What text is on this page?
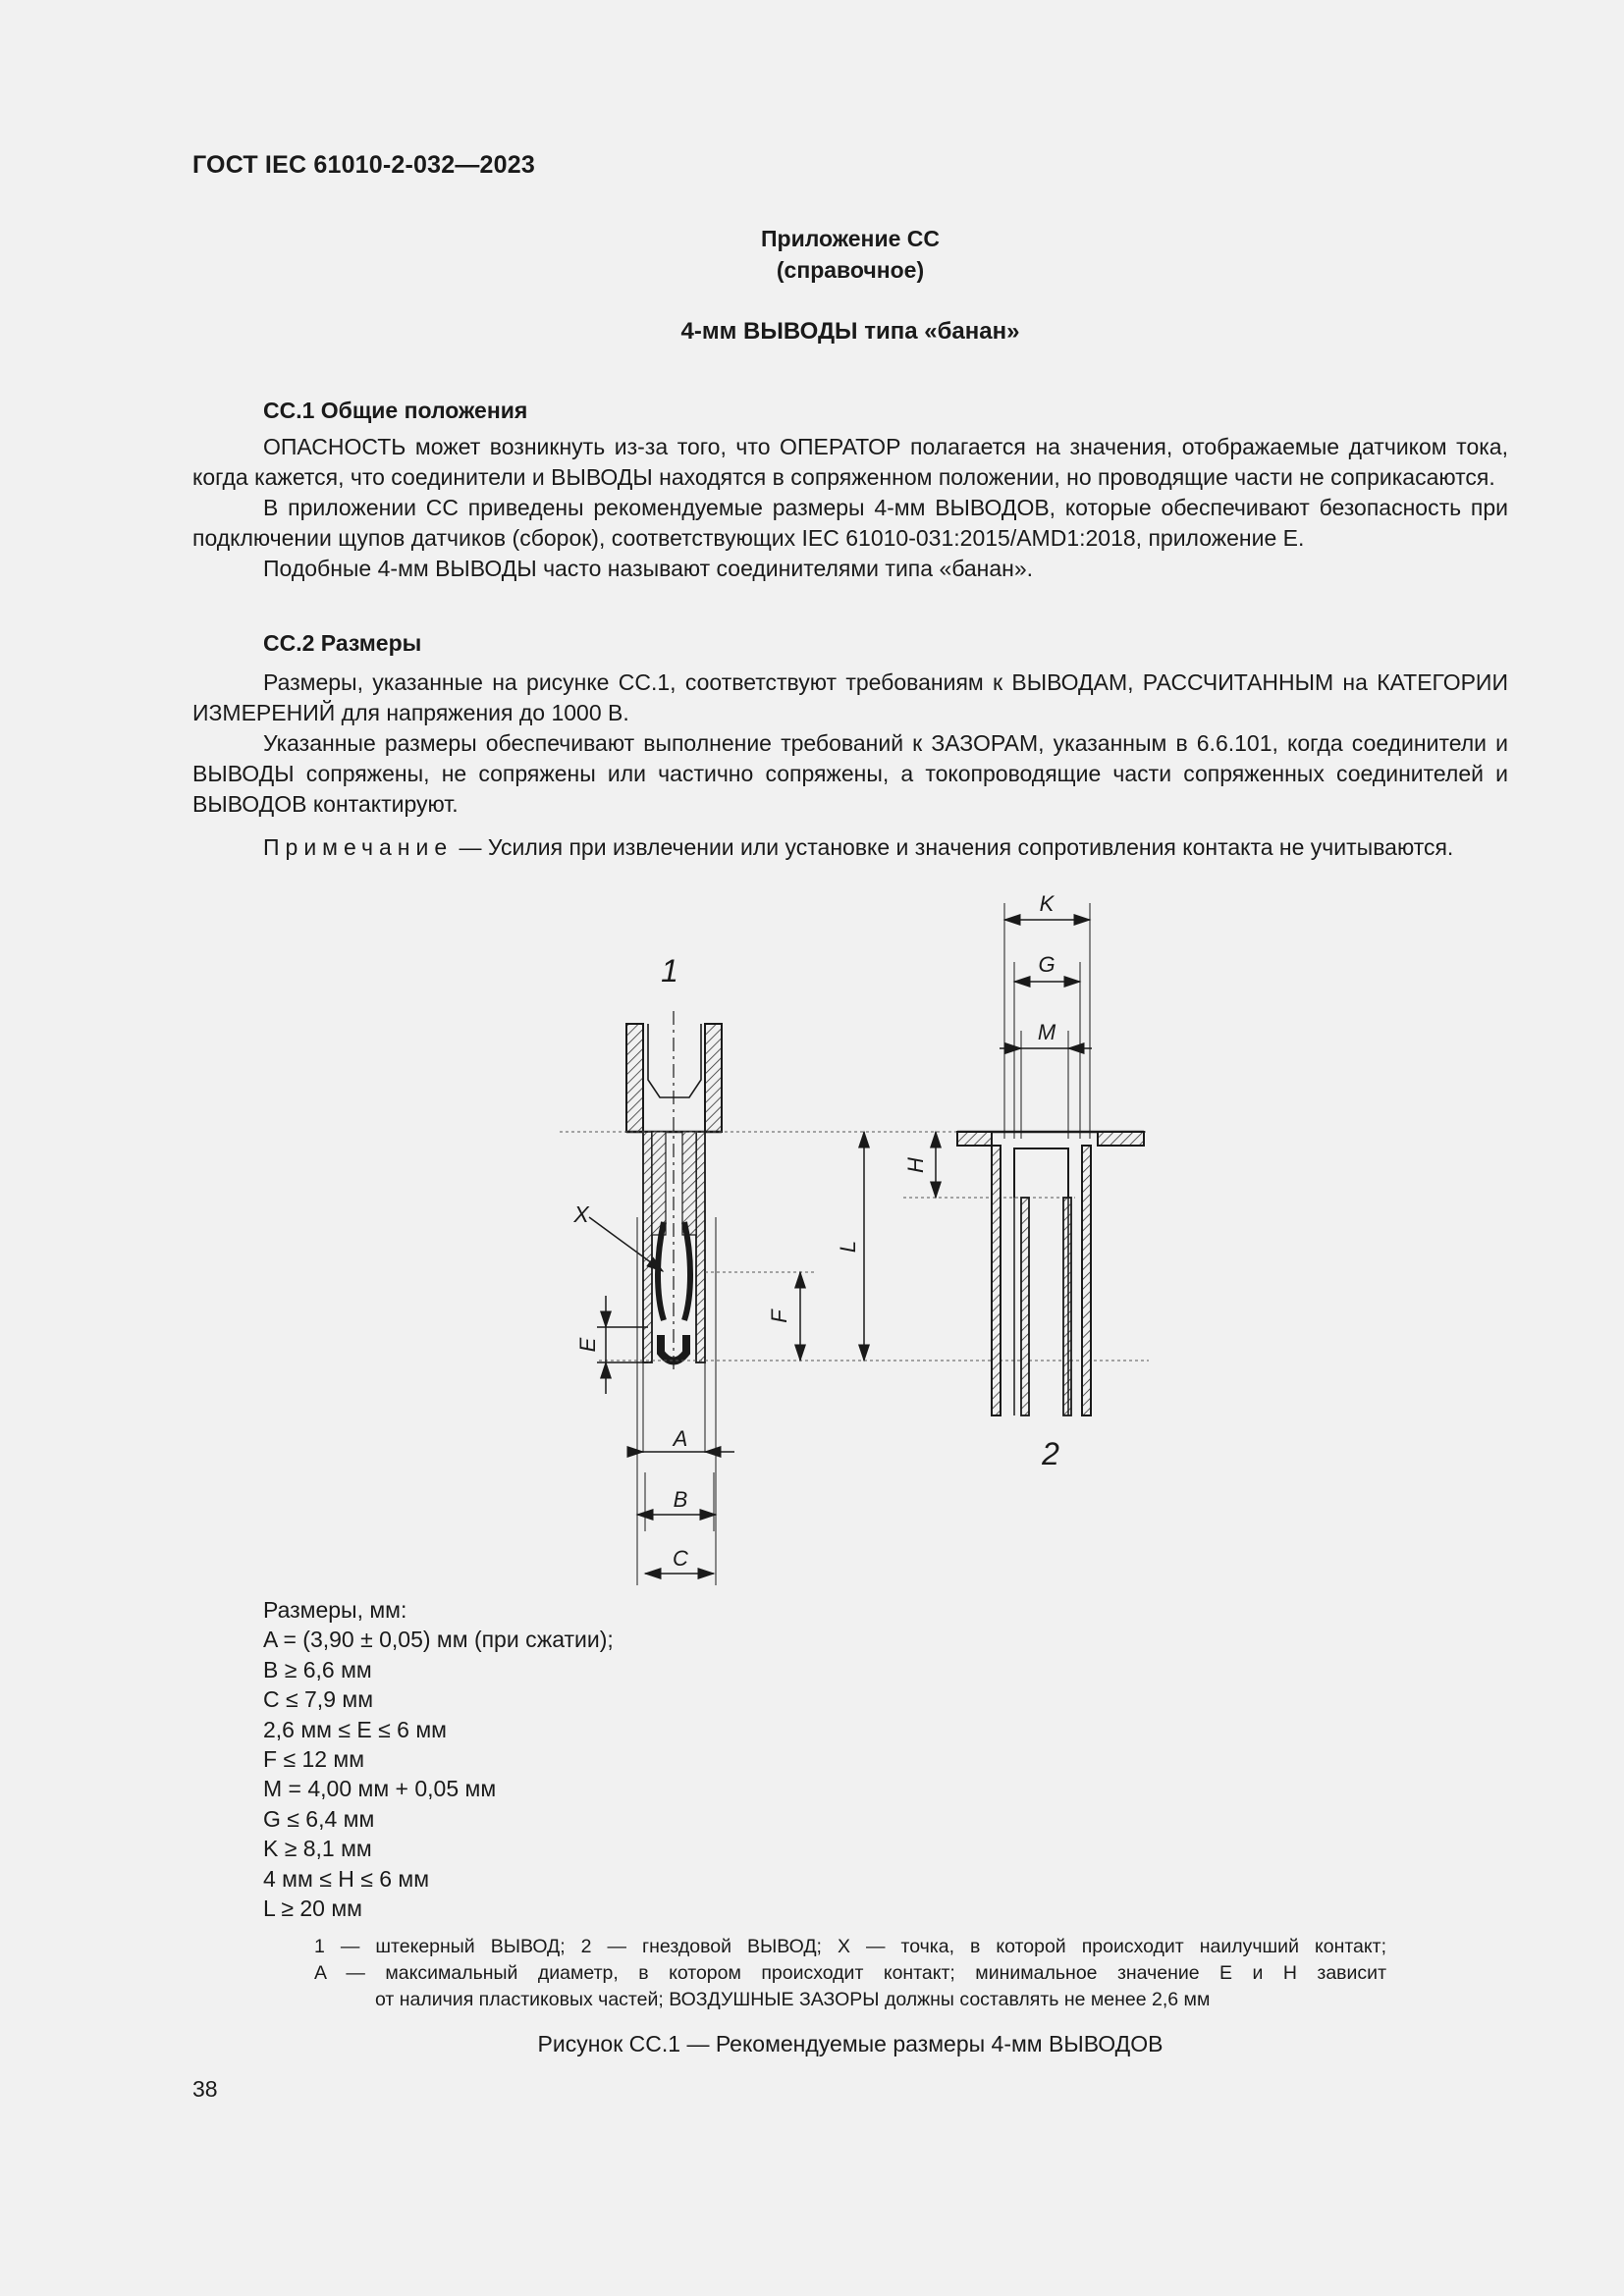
ГОСТ IEC 61010-2-032—2023
Приложение СС
(справочное)
4-мм ВЫВОДЫ типа «банан»
СС.1 Общие положения

ОПАСНОСТЬ может возникнуть из-за того, что ОПЕРАТОР полагается на значения, отображаемые датчиком тока, когда кажется, что соединители и ВЫВОДЫ находятся в сопряженном положении, но проводящие части не соприкасаются.

В приложении СС приведены рекомендуемые размеры 4-мм ВЫВОДОВ, которые обеспечивают безопасность при подключении щупов датчиков (сборок), соответствующих IEC 61010-031:2015/AMD1:2018, приложение Е.

Подобные 4-мм ВЫВОДЫ часто называют соединителями типа «банан».

СС.2 Размеры

Размеры, указанные на рисунке СС.1, соответствуют требованиям к ВЫВОДАМ, РАССЧИТАННЫМ на КАТЕГОРИИ ИЗМЕРЕНИЙ для напряжения до 1000 В.

Указанные размеры обеспечивают выполнение требований к ЗАЗОРАМ, указанным в 6.6.101, когда соединители и ВЫВОДЫ сопряжены, не сопряжены или частично сопряжены, а токопроводящие части сопряженных соединителей и ВЫВОДОВ контактируют.

Примечание — Усилия при извлечении или установке и значения сопротивления контакта не учитываются.

1
2
X
A
B
C
E
F
L
H
K
G
M
Размеры, мм:
A = (3,90 ± 0,05) мм (при сжатии);
B ≥ 6,6 мм
C ≤ 7,9 мм
2,6 мм ≤ E ≤ 6 мм
F ≤ 12 мм
M = 4,00 мм + 0,05 мм
G ≤ 6,4 мм
K ≥ 8,1 мм
4 мм ≤ H ≤ 6 мм
L ≥ 20 мм
1 — штекерный ВЫВОД; 2 — гнездовой ВЫВОД; X — точка, в которой происходит наилучший контакт;
A — максимальный диаметр, в котором происходит контакт; минимальное значение E и H зависит
от наличия пластиковых частей; ВОЗДУШНЫЕ ЗАЗОРЫ должны составлять не менее 2,6 мм
Рисунок СС.1 — Рекомендуемые размеры 4-мм ВЫВОДОВ
38
